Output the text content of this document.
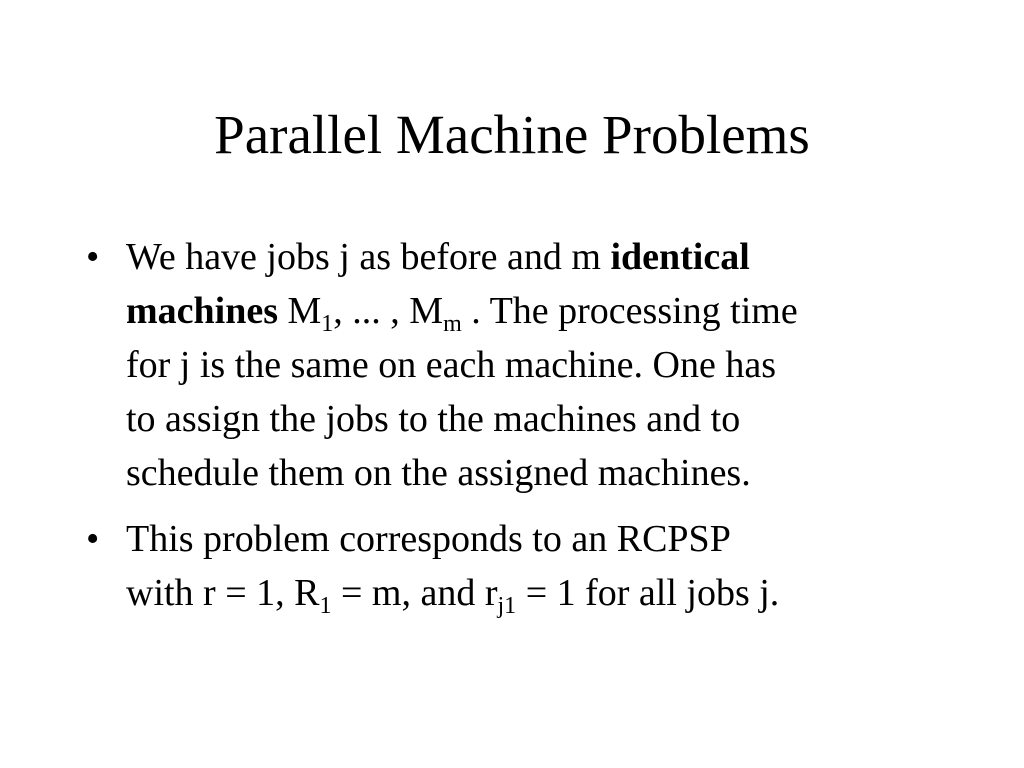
Parallel Machine Problems
• We have jobs j as before and m identical
machines $M_1$, ... , $M_m$ . The processing time
for j is the same on each machine. One has
to assign the jobs to the machines and to
schedule them on the assigned machines.
• This problem corresponds to an RCPSP
with r = 1, $R_1 = m$, and $r_{j1} = 1$ for all jobs j.
